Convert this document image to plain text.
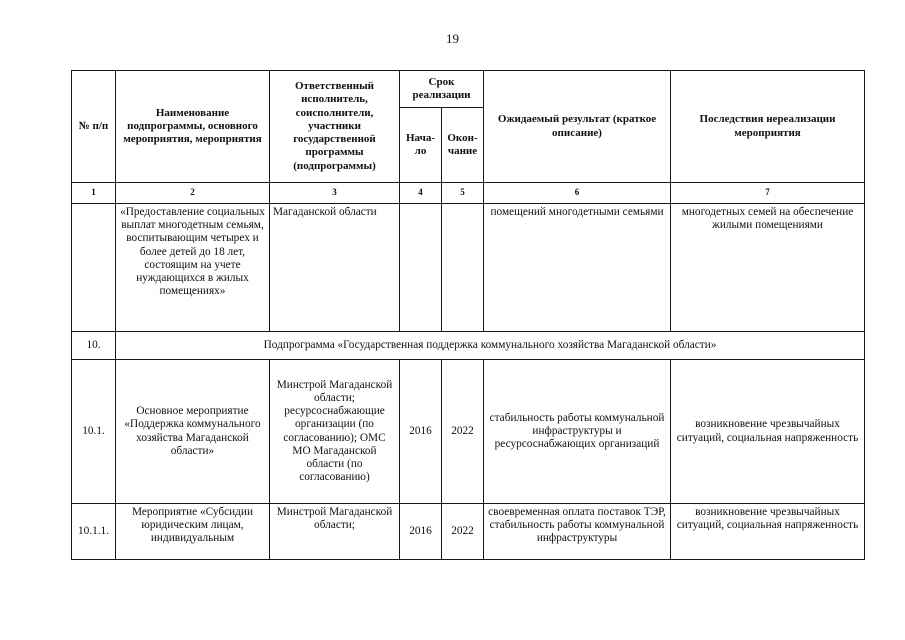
19
№ п/п	Наименование подпрограммы, основного мероприятия, мероприятия	Ответственный исполнитель, соисполнители, участники государственной программы (подпрограммы)	Срок реализации		Ожидаемый результат (краткое описание)	Последствия нереализации мероприятия
			Нача-ло	Окон-чание		
1	2	3	4	5	6	7
	«Предоставление социальных выплат многодетным семьям, воспитывающим четырех и более детей до 18 лет, состоящим на учете нуждающихся в жилых помещениях»	Магаданской области			помещений многодетными семьями	многодетных семей на обеспечение жилыми помещениями
10.	Подпрограмма «Государственная поддержка коммунального хозяйства Магаданской области»					
10.1.	Основное мероприятие «Поддержка коммунального хозяйства Магаданской области»	Минстрой Магаданской области; ресурсоснабжающие организации (по согласованию); ОМС МО Магаданской области (по согласованию)	2016	2022	стабильность работы коммунальной инфраструктуры и ресурсоснабжающих организаций	возникновение чрезвычайных ситуаций, социальная напряженность
10.1.1.	Мероприятие «Субсидии юридическим лицам, индивидуальным	Минстрой Магаданской области;	2016	2022	своевременная оплата поставок ТЭР, стабильность работы коммунальной инфраструктуры	возникновение чрезвычайных ситуаций, социальная напряженность
